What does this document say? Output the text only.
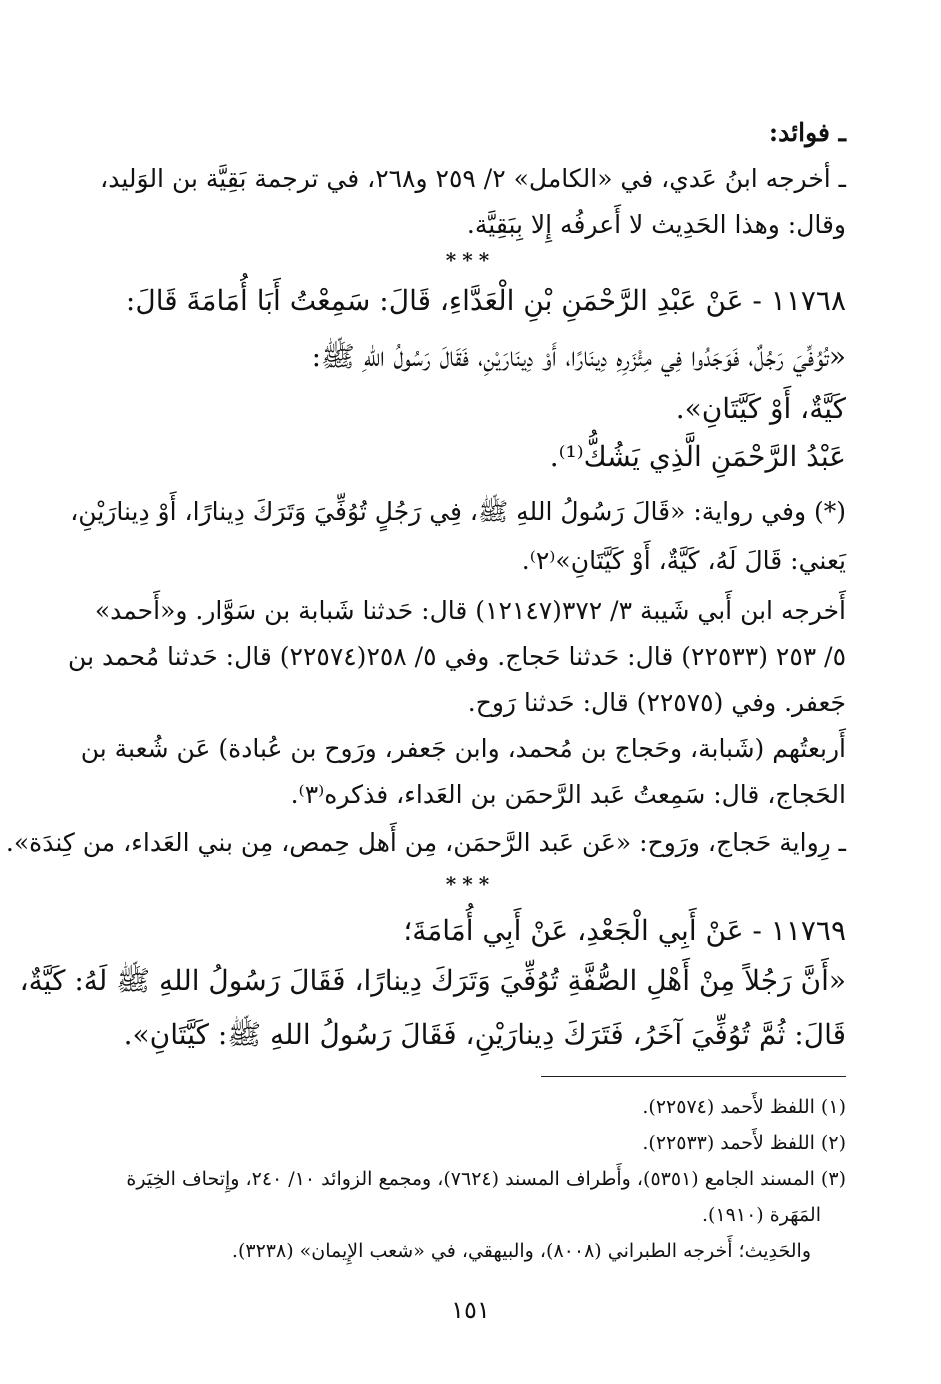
ـ فوائد:
ـ أخرجه ابنُ عَدي، في «الكامل» ٢/ ٢٥٩ و٢٦٨، في ترجمة بَقِيَّة بن الوَليد،
وقال: وهذا الحَدِيث لا أَعرفُه إِلا بِبَقِيَّة.
***
١١٧٦٨ - عَنْ عَبْدِ الرَّحْمَنِ بْنِ الْعَدَّاءِ، قَالَ: سَمِعْتُ أَبَا أُمَامَةَ قَالَ:
«تُوُفِّيَ رَجُلٌ، فَوَجَدُوا فِي مِئْزَرِهِ دِينَارًا، أَوْ دِينَارَيْنِ، فَقَالَ رَسُولُ اللهِ ﷺ:
كَيَّةٌ، أَوْ كَيَّتَانِ».
عَبْدُ الرَّحْمَنِ الَّذِي يَشُكُّ⁽¹⁾.
(*) وفي رواية: «قَالَ رَسُولُ اللهِ ﷺ، فِي رَجُلٍ تُوُفِّيَ وَتَرَكَ دِينارًا، أَوْ دِينارَيْنِ،
يَعني: قَالَ لَهُ، كَيَّةٌ، أَوْ كَيَّتَانِ»⁽٢⁾.
أَخرجه ابن أَبي شَيبة ٣/ ٣٧٢(١٢١٤٧) قال: حَدثنا شَبابة بن سَوَّار. و«أَحمد»
٥/ ٢٥٣ (٢٢٥٣٣) قال: حَدثنا حَجاج. وفي ٥/ ٢٥٨(٢٢٥٧٤) قال: حَدثنا مُحمد بن
جَعفر. وفي (٢٢٥٧٥) قال: حَدثنا رَوح.
أَربعتُهم (شَبابة، وحَجاج بن مُحمد، وابن جَعفر، ورَوح بن عُبادة) عَن شُعبة بن
الحَجاج، قال: سَمِعتُ عَبد الرَّحمَن بن العَداء، فذكره⁽٣⁾.
ـ رِواية حَجاج، ورَوح: «عَن عَبد الرَّحمَن، مِن أَهل حِمص، مِن بني العَداء، من كِندَة».
***
١١٧٦٩ - عَنْ أَبِي الْجَعْدِ، عَنْ أَبِي أُمَامَةَ؛
«أَنَّ رَجُلاً مِنْ أَهْلِ الصُّفَّةِ تُوُفِّيَ وَتَرَكَ دِينارًا، فَقَالَ رَسُولُ اللهِ ﷺ لَهُ: كَيَّةٌ،
قَالَ: ثُمَّ تُوُفِّيَ آخَرُ، فَتَرَكَ دِينارَيْنِ، فَقَالَ رَسُولُ اللهِ ﷺ: كَيَّتَانِ».
(١) اللفظ لأَحمد (٢٢٥٧٤).
(٢) اللفظ لأَحمد (٢٢٥٣٣).
(٣) المسند الجامع (٥٣٥١)، وأَطراف المسند (٧٦٢٤)، ومجمع الزوائد ١٠/ ٢٤٠، وإِتحاف الخِيَرة
المَهَرة (١٩١٠).
والحَدِيث؛ أَخرجه الطبراني (٨٠٠٨)، والبيهقي، في «شعب الإِيمان» (٣٢٣٨).
١٥١
